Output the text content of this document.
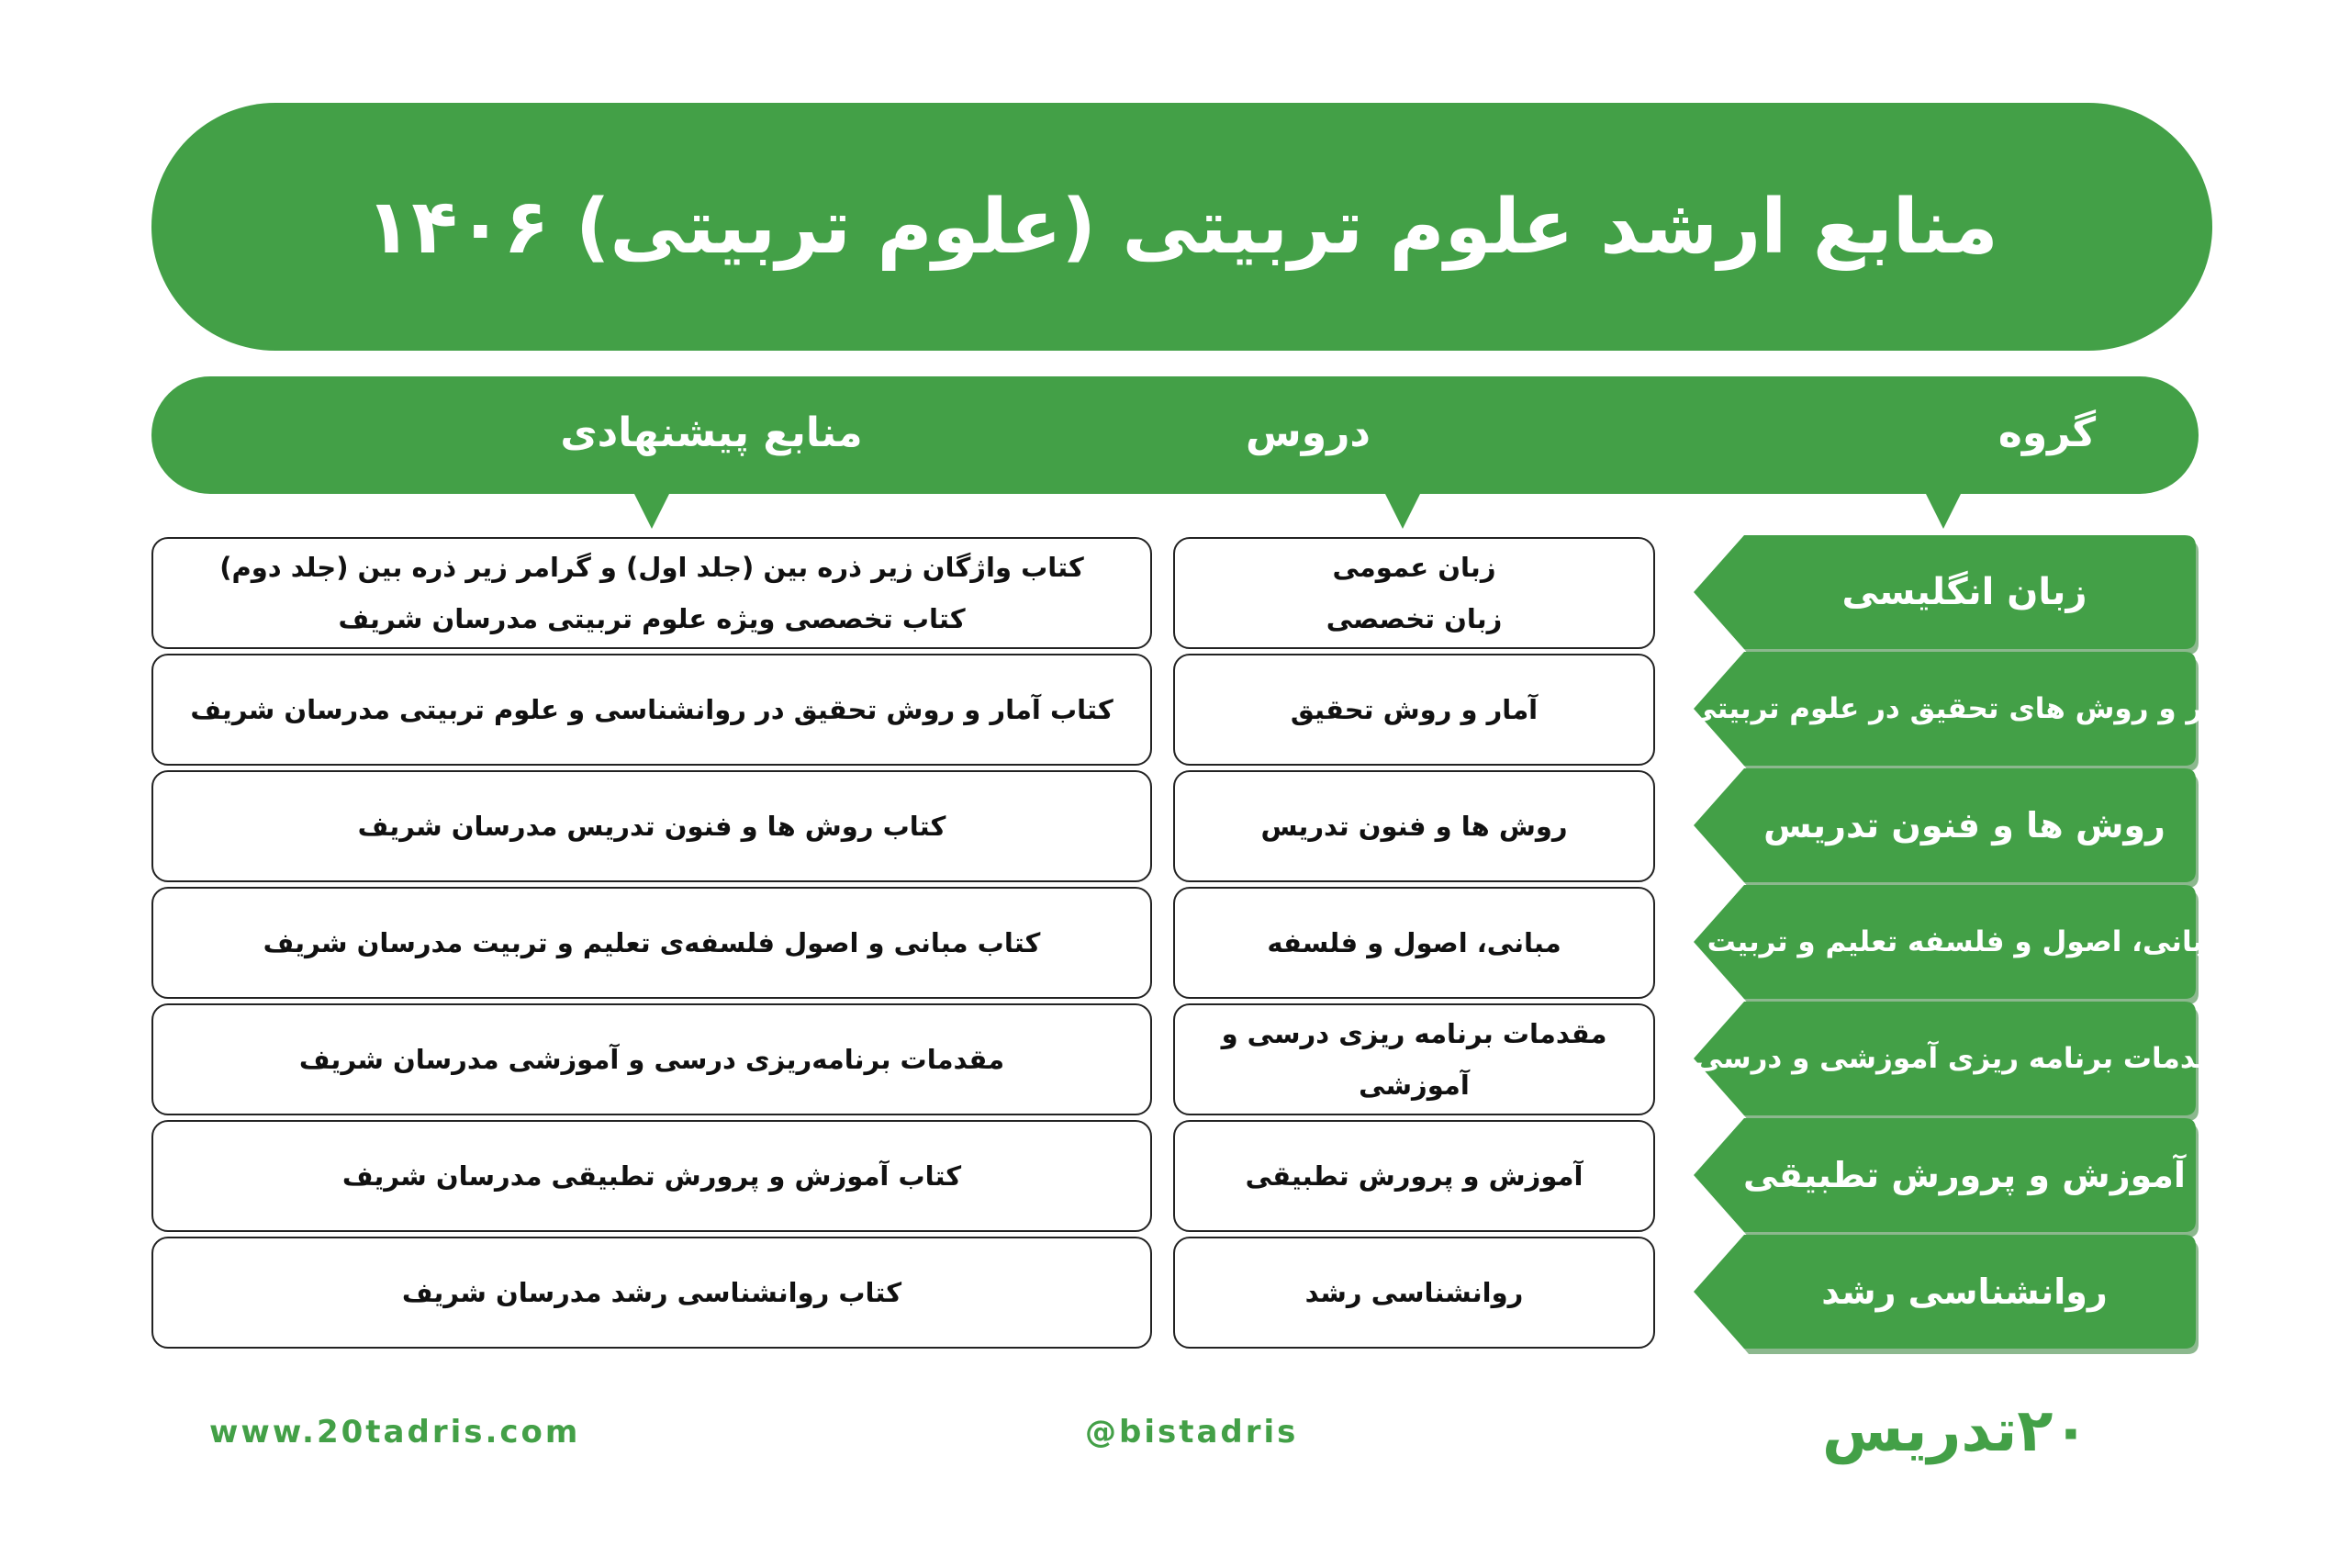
منابع ارشد علوم تربیتی (علوم تربیتی) ۱۴۰۶
گروه
دروس
منابع پیشنهادی
زبان انگلیسی
زبان عمومی
زبان تخصصی
کتاب واژگان زیر ذره بین (جلد اول) و گرامر زیر ذره بین (جلد دوم)
کتاب تخصصی ویژه علوم تربیتی مدرسان شریف
آمار و روش های تحقیق در علوم تربیتی
آمار و روش تحقیق
کتاب آمار و روش تحقیق در روانشناسی و علوم تربیتی مدرسان شریف
روش ها و فنون تدریس
روش ها و فنون تدریس
کتاب روش ها و فنون تدریس مدرسان شریف
مبانی، اصول و فلسفه تعلیم و تربیت
مبانی، اصول و فلسفه
کتاب مبانی و اصول فلسفه‌ی تعلیم و تربیت مدرسان شریف
مقدمات برنامه ریزی آموزشی و درسی
مقدمات برنامه ریزی درسی و آموزشی
مقدمات برنامه‌ریزی درسی و آموزشی مدرسان شریف
آموزش و پرورش تطبیقی
آموزش و پرورش تطبیقی
کتاب آموزش و پرورش تطبیقی مدرسان شریف
روانشناسی رشد
روانشناسی رشد
کتاب روانشناسی رشد مدرسان شریف
www.20tadris.com	@bistadris	۲۰تدریس
